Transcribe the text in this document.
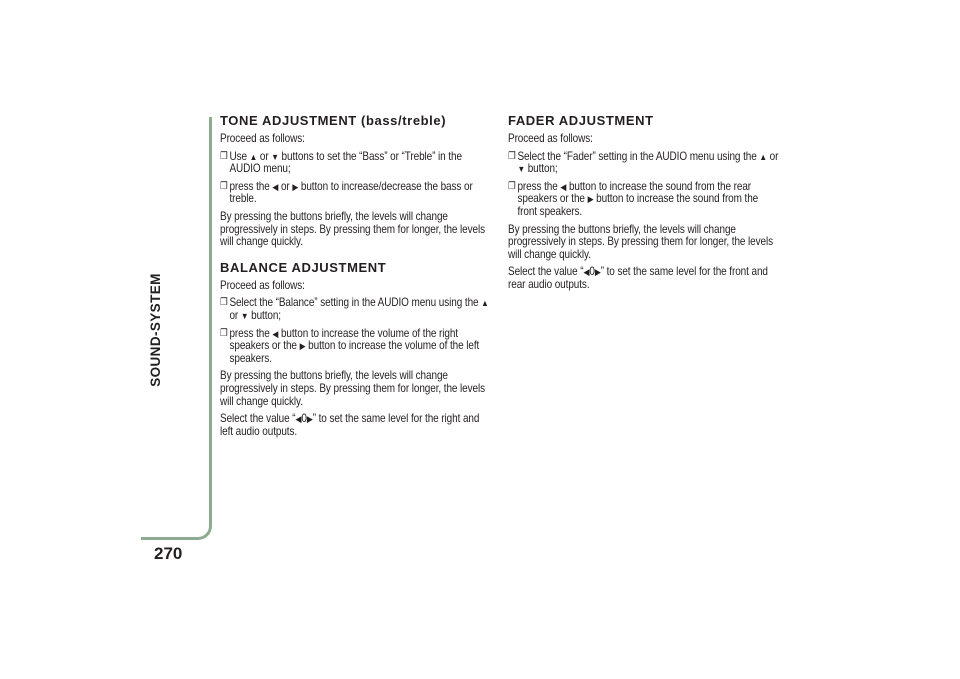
SOUND-SYSTEM
270
TONE ADJUSTMENT (bass/treble)

Proceed as follows:

❐ Use ▲ or ▼ buttons to set the “Bass” or “Treble” in the AUDIO menu;
❐ press the ◀ or ▶ button to increase/decrease the bass or treble.

By pressing the buttons briefly, the levels will change progressively in steps. By pressing them for longer, the levels will change quickly.

BALANCE ADJUSTMENT

Proceed as follows:

❐ Select the “Balance” setting in the AUDIO menu using the ▲ or ▼ button;
❐ press the ◀ button to increase the volume of the right speakers or the ▶ button to increase the volume of the left speakers.

By pressing the buttons briefly, the levels will change progressively in steps. By pressing them for longer, the levels will change quickly.

Select the value “◀0▶” to set the same level for the right and left audio outputs.

FADER ADJUSTMENT

Proceed as follows:

❐ Select the “Fader” setting in the AUDIO menu using the ▲ or ▼ button;
❐ press the ◀ button to increase the sound from the rear speakers or the ▶ button to increase the sound from the front speakers.

By pressing the buttons briefly, the levels will change progressively in steps. By pressing them for longer, the levels will change quickly.

Select the value “◀0▶” to set the same level for the front and rear audio outputs.
